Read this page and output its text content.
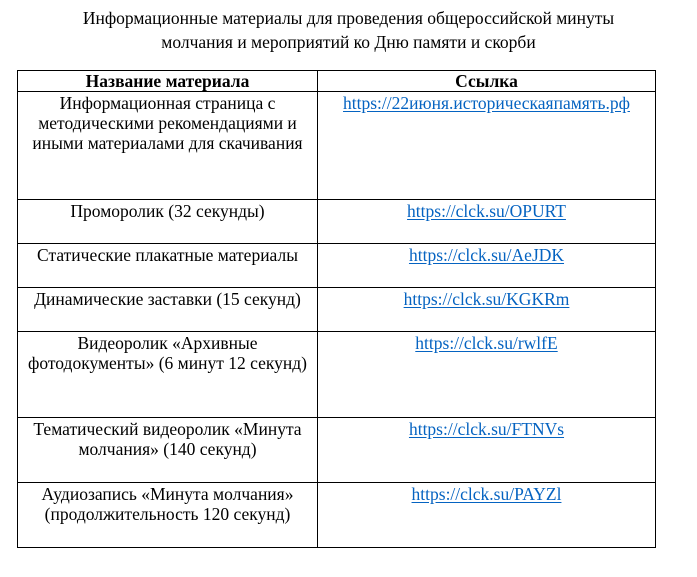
Информационные материалы для проведения общероссийской минуты
молчания и мероприятий ко Дню памяти и скорби
Название материала	Ссылка
Информационная страница с методическими рекомендациями и иными материалами для скачивания	https://22июня.историческаяпамять.рф
Проморолик (32 секунды)	https://clck.su/OPURT
Статические плакатные материалы	https://clck.su/AeJDK
Динамические заставки (15 секунд)	https://clck.su/KGKRm
Видеоролик «Архивные фотодокументы» (6 минут 12 секунд)	https://clck.su/rwlfE
Тематический видеоролик «Минута молчания» (140 секунд)	https://clck.su/FTNVs
Аудиозапись «Минута молчания» (продолжительность 120 секунд)	https://clck.su/PAYZl
